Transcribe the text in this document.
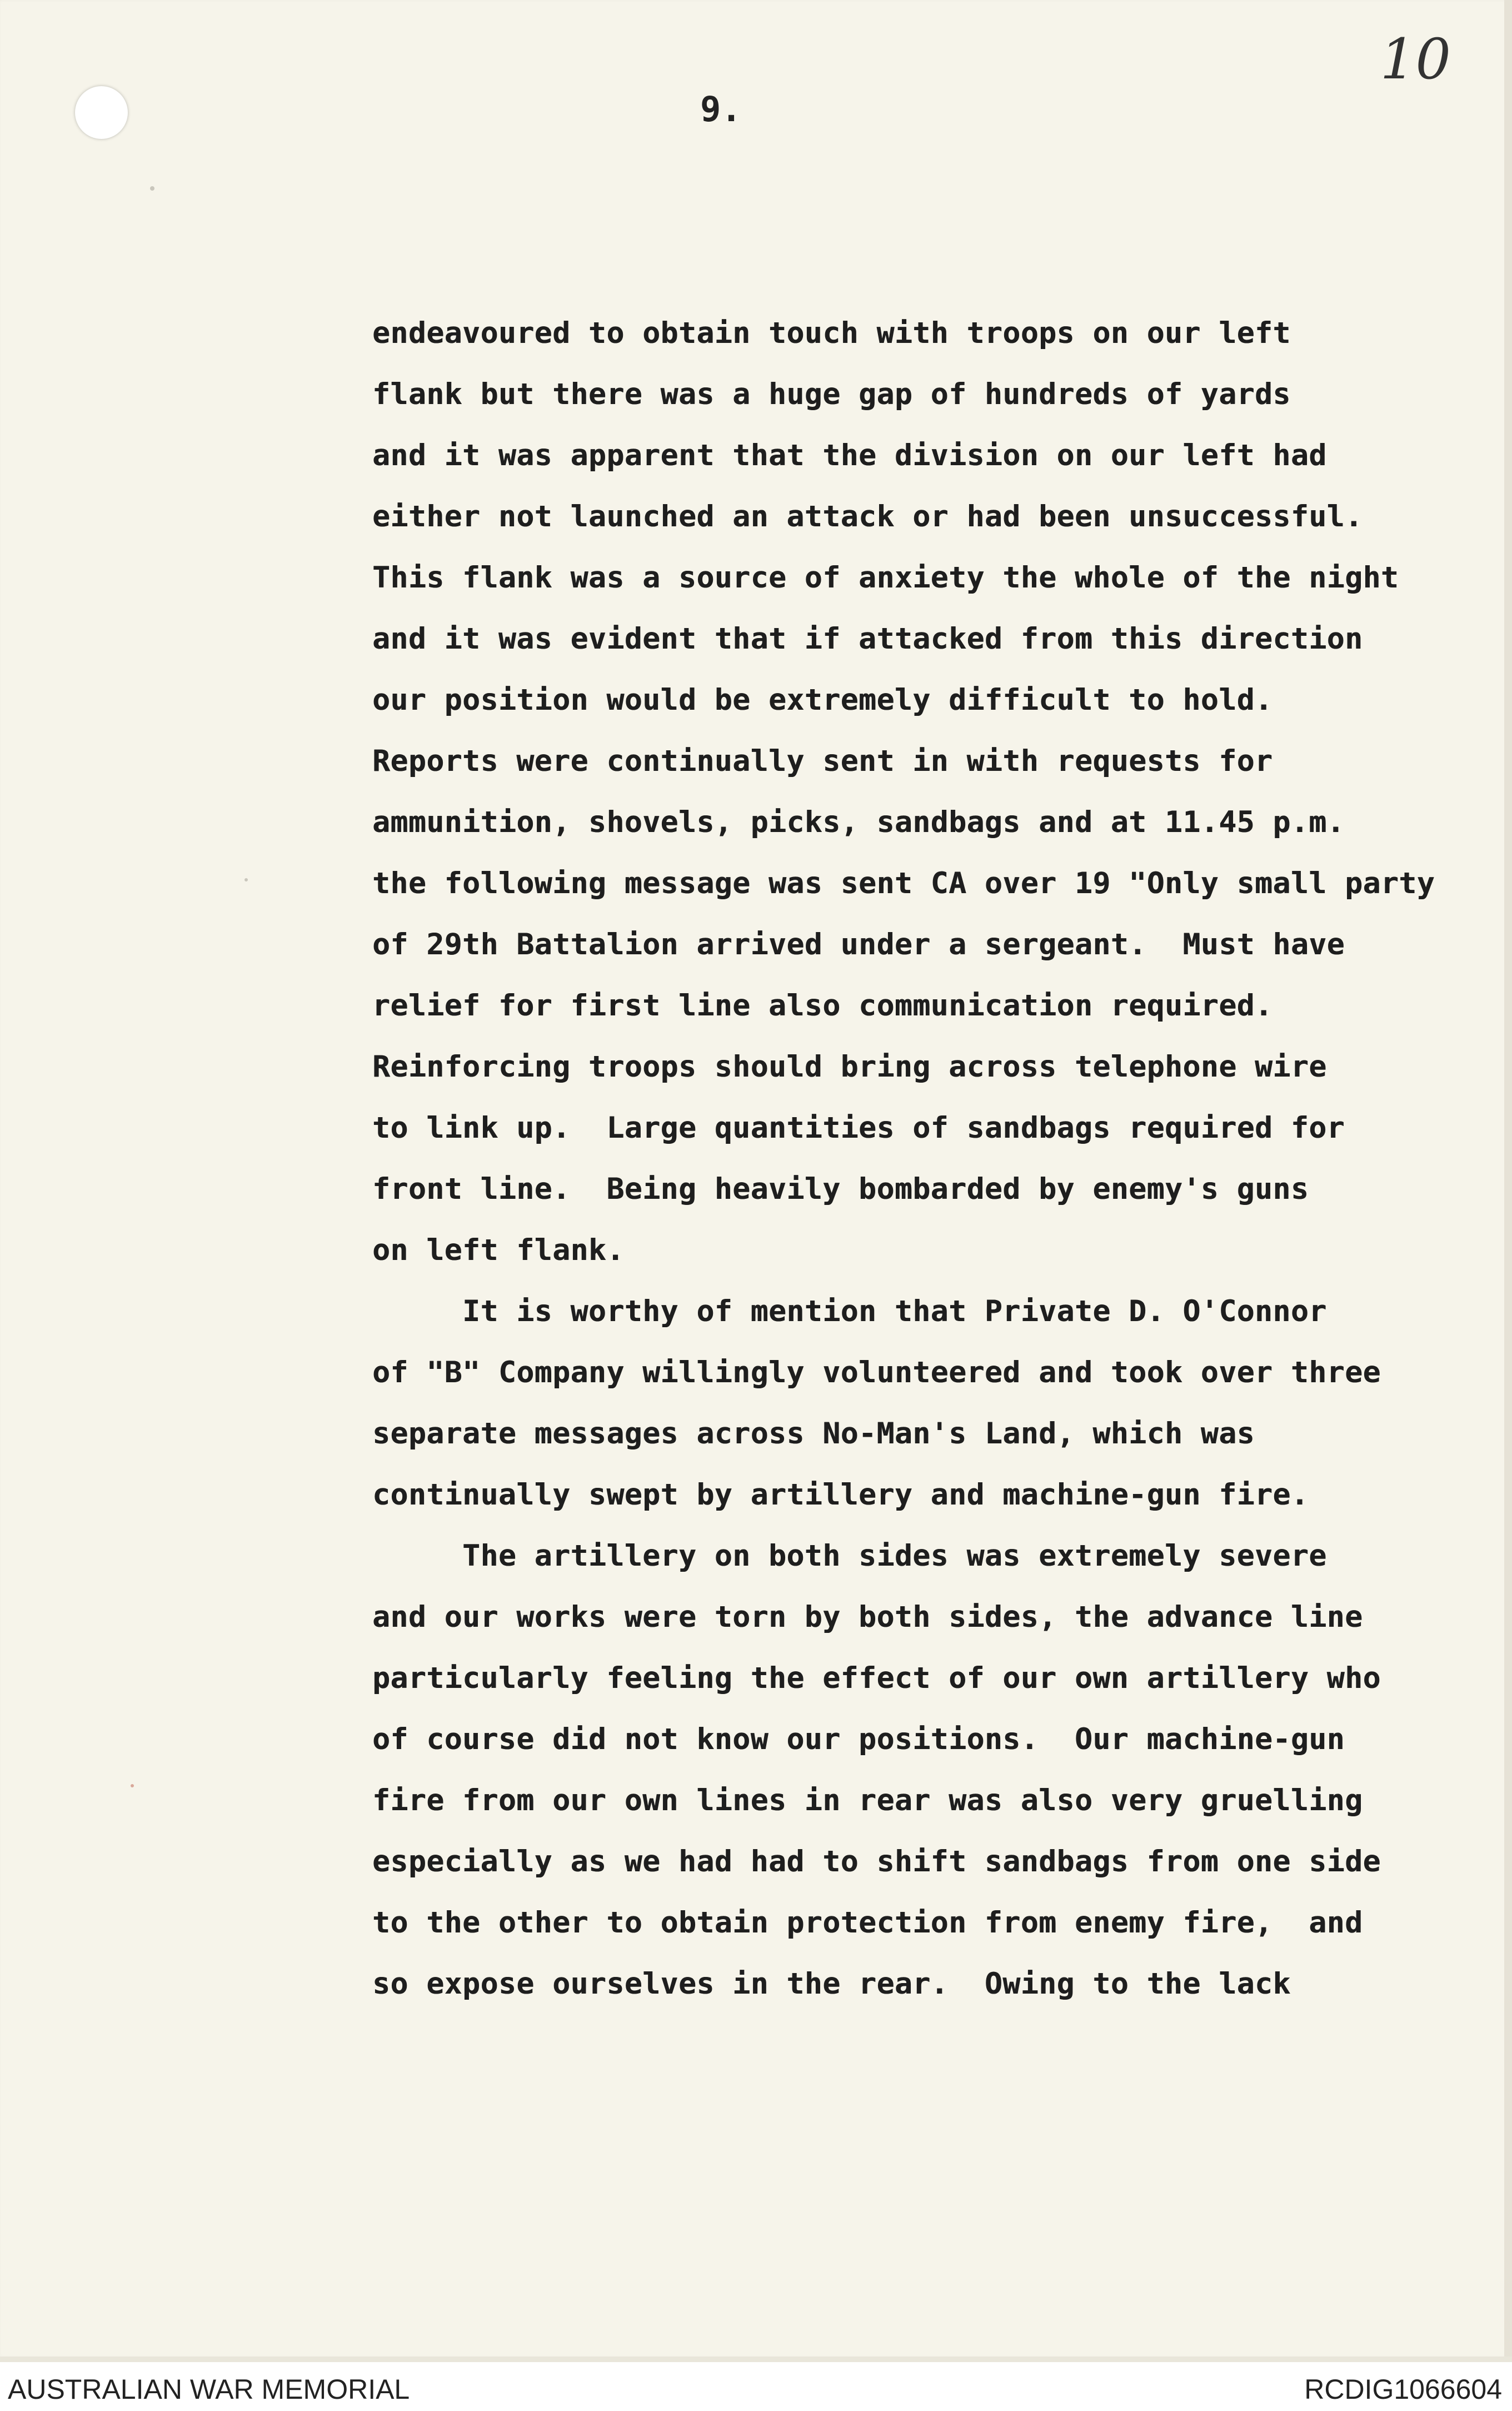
10
9.
endeavoured to obtain touch with troops on our left
flank but there was a huge gap of hundreds of yards
and it was apparent that the division on our left had
either not launched an attack or had been unsuccessful.
This flank was a source of anxiety the whole of the night
and it was evident that if attacked from this direction
our position would be extremely difficult to hold.
Reports were continually sent in with requests for
ammunition, shovels, picks, sandbags and at 11.45 p.m.
the following message was sent CA over 19 "Only small party
of 29th Battalion arrived under a sergeant.  Must have
relief for first line also communication required.
Reinforcing troops should bring across telephone wire
to link up.  Large quantities of sandbags required for
front line.  Being heavily bombarded by enemy's guns
on left flank.
It is worthy of mention that Private D. O'Connor
of "B" Company willingly volunteered and took over three
separate messages across No-Man's Land, which was
continually swept by artillery and machine-gun fire.
The artillery on both sides was extremely severe
and our works were torn by both sides, the advance line
particularly feeling the effect of our own artillery who
of course did not know our positions.  Our machine-gun
fire from our own lines in rear was also very gruelling
especially as we had had to shift sandbags from one side
to the other to obtain protection from enemy fire,  and
so expose ourselves in the rear.  Owing to the lack
AUSTRALIAN WAR MEMORIAL	RCDIG1066604
